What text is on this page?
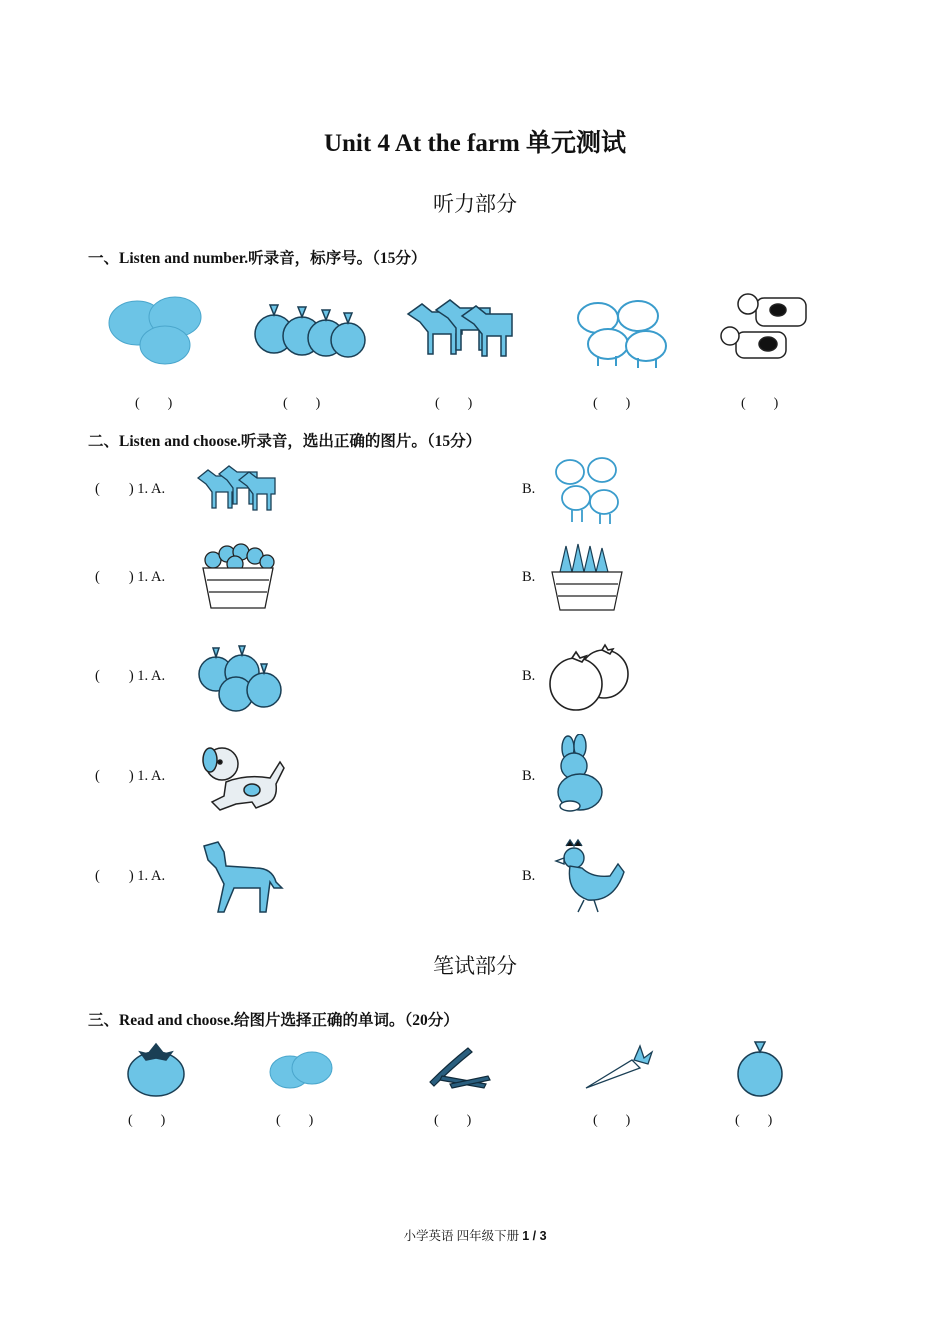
Unit 4 At the farm 单元测试
听力部分
一、Listen and number.听录音，标序号。（15分）
(        )	(        )	(        )	(        )	(        )
二、Listen and choose.听录音，选出正确的图片。（15分）
(        ) 1. A.	B.
(        ) 1. A.	B.
(        ) 1. A.	B.
(        ) 1. A.	B.
(        ) 1. A.	B.
笔试部分
三、Read and choose.给图片选择正确的单词。（20分）
(        )	(        )	(        )	(        )	(        )
小学英语 四年级下册 1 / 3
